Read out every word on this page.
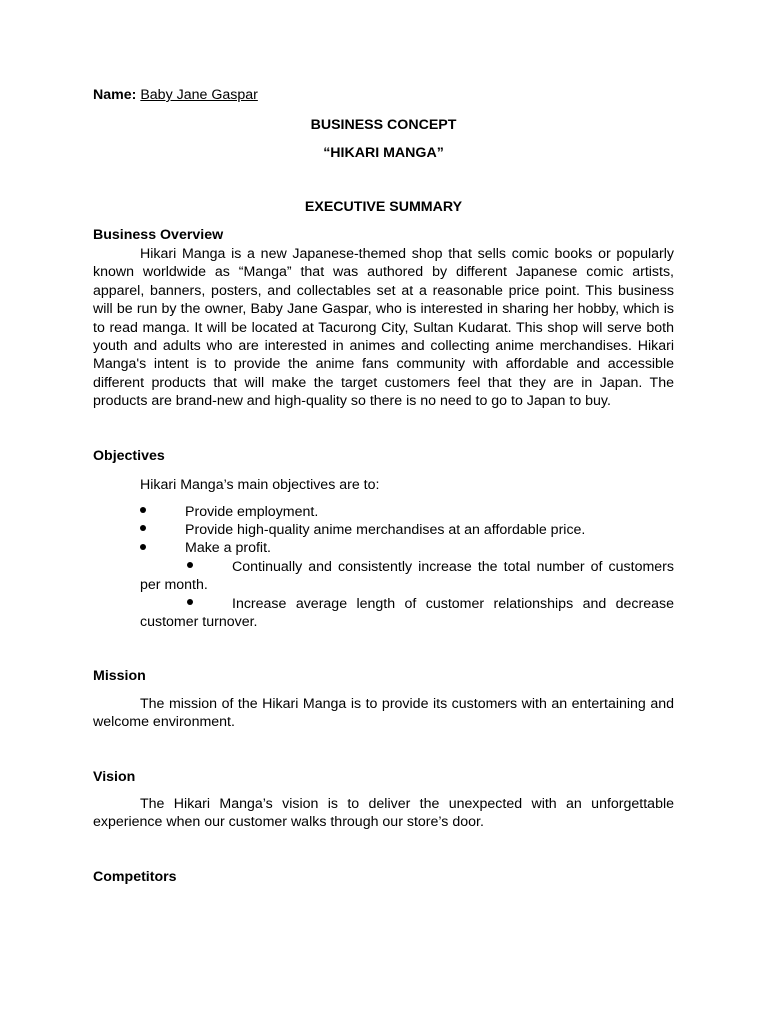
Name: Baby Jane Gaspar

BUSINESS CONCEPT

“HIKARI MANGA”

EXECUTIVE SUMMARY

Business Overview

Hikari Manga is a new Japanese-themed shop that sells comic books or popularly known worldwide as “Manga” that was authored by different Japanese comic artists, apparel, banners, posters, and collectables set at a reasonable price point. This business will be run by the owner, Baby Jane Gaspar, who is interested in sharing her hobby, which is to read manga. It will be located at Tacurong City, Sultan Kudarat. This shop will serve both youth and adults who are interested in animes and collecting anime merchandises. Hikari Manga's intent is to provide the anime fans community with affordable and accessible different products that will make the target customers feel that they are in Japan. The products are brand-new and high-quality so there is no need to go to Japan to buy.

Objectives

Hikari Manga’s main objectives are to:

Provide employment.
Provide high-quality anime merchandises at an affordable price.
Make a profit.
Continually and consistently increase the total number of customers per month.
Increase average length of customer relationships and decrease customer turnover.

Mission

The mission of the Hikari Manga is to provide its customers with an entertaining and welcome environment.

Vision

The Hikari Manga’s vision is to deliver the unexpected with an unforgettable experience when our customer walks through our store’s door.

Competitors
